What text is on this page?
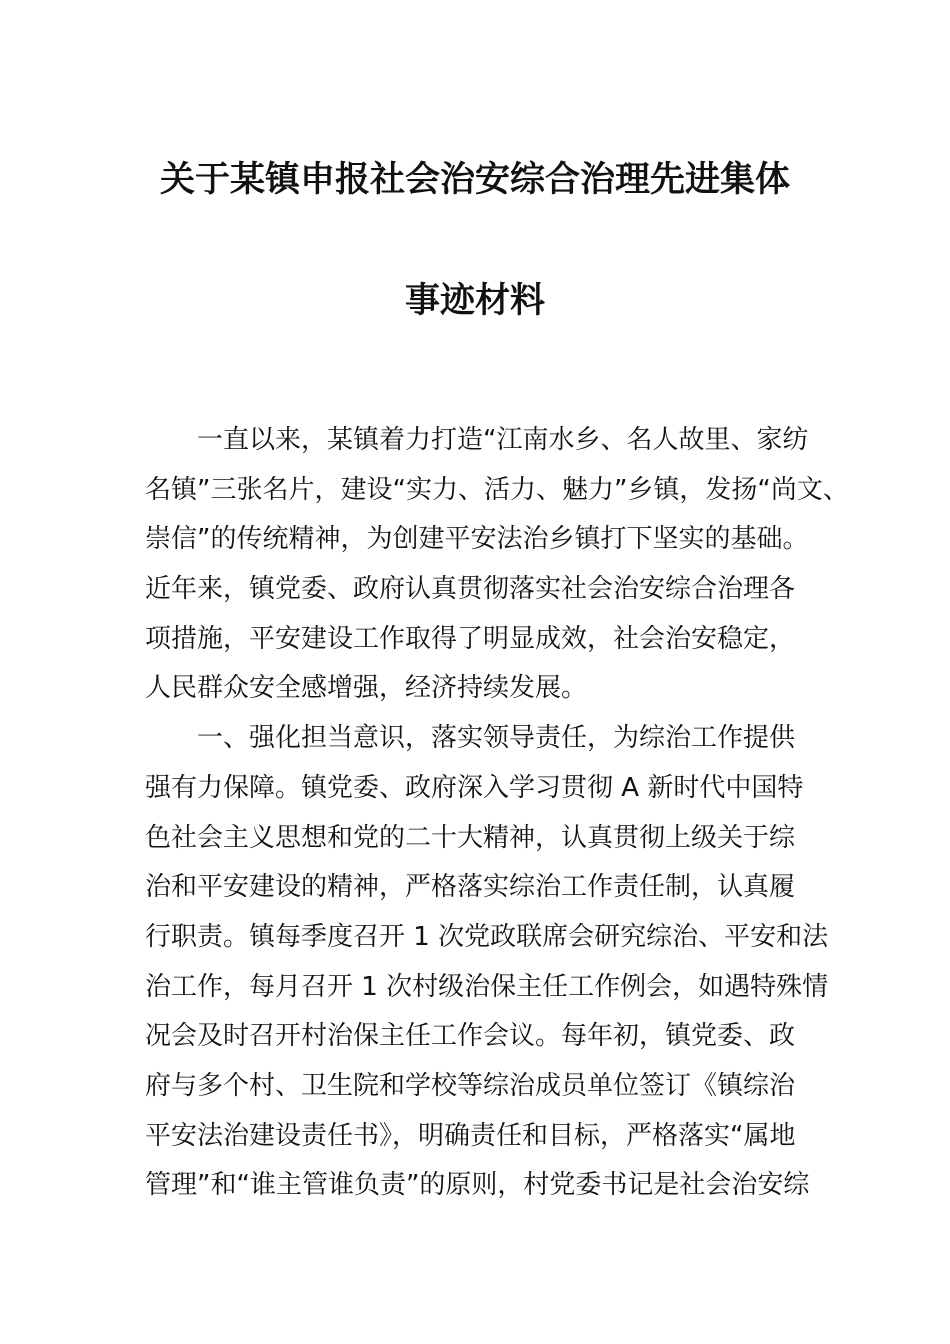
关于某镇申报社会治安综合治理先进集体
事迹材料
一直以来，某镇着力打造“江南水乡、名人故里、家纺
名镇”三张名片，建设“实力、活力、魅力”乡镇，发扬“尚文、
崇信”的传统精神，为创建平安法治乡镇打下坚实的基础。
近年来，镇党委、政府认真贯彻落实社会治安综合治理各
项措施，平安建设工作取得了明显成效，社会治安稳定，
人民群众安全感增强，经济持续发展。
一、强化担当意识，落实领导责任，为综治工作提供
强有力保障。镇党委、政府深入学习贯彻 A 新时代中国特
色社会主义思想和党的二十大精神，认真贯彻上级关于综
治和平安建设的精神，严格落实综治工作责任制，认真履
行职责。镇每季度召开 1 次党政联席会研究综治、平安和法
治工作，每月召开 1 次村级治保主任工作例会，如遇特殊情
况会及时召开村治保主任工作会议。每年初，镇党委、政
府与多个村、卫生院和学校等综治成员单位签订《镇综治
平安法治建设责任书》，明确责任和目标，严格落实“属地
管理”和“谁主管谁负责”的原则，村党委书记是社会治安综
